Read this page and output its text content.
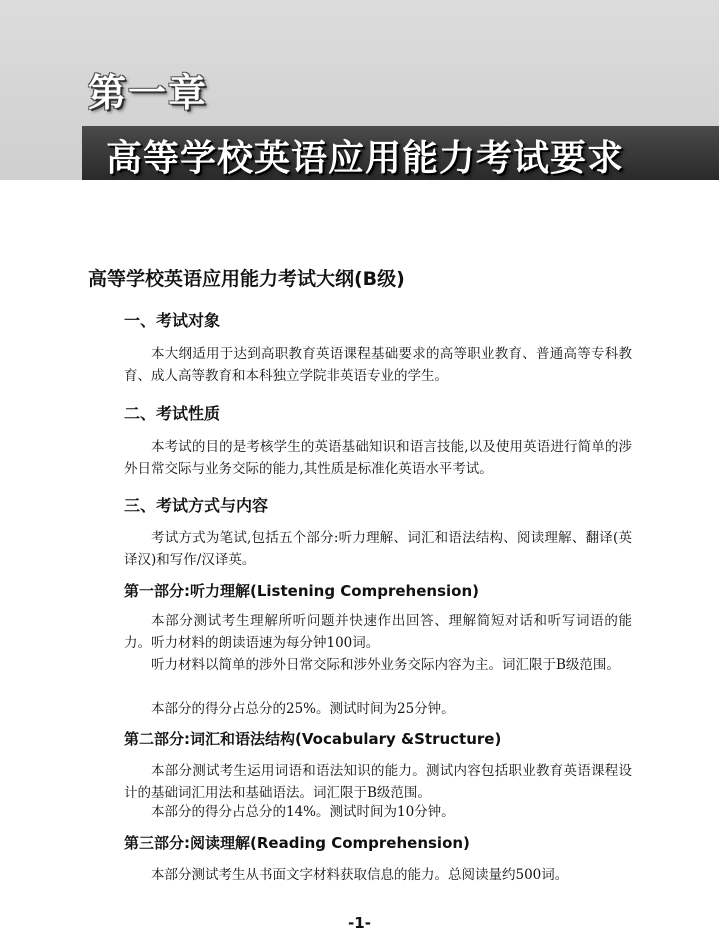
第一章
高等学校英语应用能力考试要求
高等学校英语应用能力考试大纲(B级)
一、考试对象
本大纲适用于达到高职教育英语课程基础要求的高等职业教育、普通高等专科教育、成人高等教育和本科独立学院非英语专业的学生。
二、考试性质
本考试的目的是考核学生的英语基础知识和语言技能,以及使用英语进行简单的涉外日常交际与业务交际的能力,其性质是标准化英语水平考试。
三、考试方式与内容
考试方式为笔试,包括五个部分:听力理解、词汇和语法结构、阅读理解、翻译(英译汉)和写作/汉译英。
第一部分:听力理解(Listening Comprehension)
本部分测试考生理解所听问题并快速作出回答、理解简短对话和听写词语的能力。听力材料的朗读语速为每分钟100词。
听力材料以简单的涉外日常交际和涉外业务交际内容为主。词汇限于B级范围。
本部分的得分占总分的25%。测试时间为25分钟。
第二部分:词汇和语法结构(Vocabulary &Structure)
本部分测试考生运用词语和语法知识的能力。测试内容包括职业教育英语课程设计的基础词汇用法和基础语法。词汇限于B级范围。
本部分的得分占总分的14%。测试时间为10分钟。
第三部分:阅读理解(Reading Comprehension)
本部分测试考生从书面文字材料获取信息的能力。总阅读量约500词。
-1-
